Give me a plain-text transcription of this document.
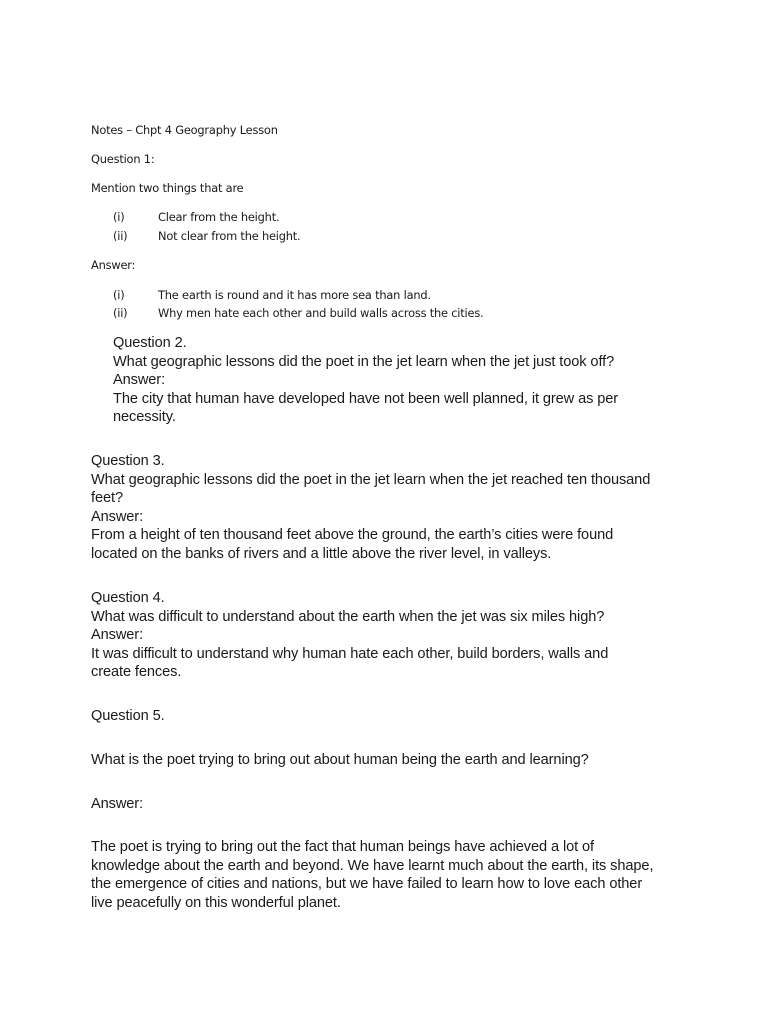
Notes – Chpt 4 Geography Lesson
Question 1:
Mention two things that are
(i)	Clear from the height.
(ii)	Not clear from the height.
Answer:
(i)	The earth is round and it has more sea than land.
(ii)	Why men hate each other and build walls across the cities.
Question 2.
What geographic lessons did the poet in the jet learn when the jet just took off?
Answer:
The city that human have developed have not been well planned, it grew as per
necessity.
Question 3.
What geographic lessons did the poet in the jet learn when the jet reached ten thousand
feet?
Answer:
From a height of ten thousand feet above the ground, the earth’s cities were found
located on the banks of rivers and a little above the river level, in valleys.
Question 4.
What was difficult to understand about the earth when the jet was six miles high?
Answer:
It was difficult to understand why human hate each other, build borders, walls and
create fences.
Question 5.
What is the poet trying to bring out about human being the earth and learning?
Answer:
The poet is trying to bring out the fact that human beings have achieved a lot of
knowledge about the earth and beyond. We have learnt much about the earth, its shape,
the emergence of cities and nations, but we have failed to learn how to love each other
live peacefully on this wonderful planet.
